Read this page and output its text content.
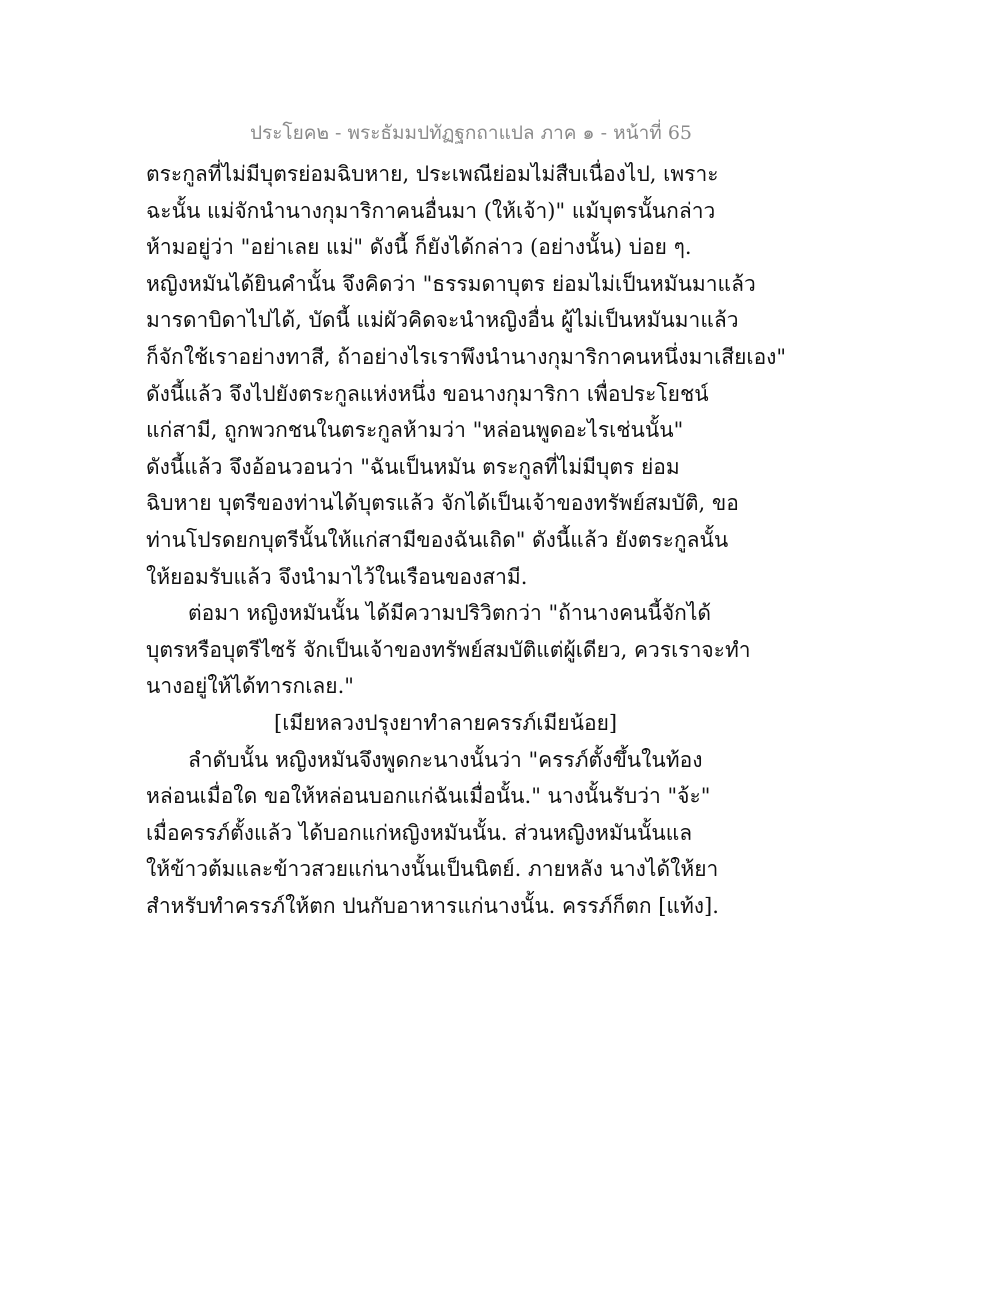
ประโยค๒ - พระธัมมปทัฏฐกถาแปล ภาค ๑ - หน้าที่ 65
ตระกูลที่ไม่มีบุตรย่อมฉิบหาย, ประเพณีย่อมไม่สืบเนื่องไป, เพราะ
ฉะนั้น แม่จักนำนางกุมาริกาคนอื่นมา (ให้เจ้า)" แม้บุตรนั้นกล่าว
ห้ามอยู่ว่า "อย่าเลย แม่" ดังนี้ ก็ยังได้กล่าว (อย่างนั้น) บ่อย ๆ.
หญิงหมันได้ยินคำนั้น จึงคิดว่า "ธรรมดาบุตร ย่อมไม่เป็นหมันมาแล้ว
มารดาบิดาไปได้, บัดนี้ แม่ผัวคิดจะนำหญิงอื่น ผู้ไม่เป็นหมันมาแล้ว
ก็จักใช้เราอย่างทาสี, ถ้าอย่างไรเราพึงนำนางกุมาริกาคนหนึ่งมาเสียเอง"
ดังนี้แล้ว จึงไปยังตระกูลแห่งหนึ่ง ขอนางกุมาริกา เพื่อประโยชน์
แก่สามี, ถูกพวกชนในตระกูลห้ามว่า "หล่อนพูดอะไรเช่นนั้น"
ดังนี้แล้ว จึงอ้อนวอนว่า "ฉันเป็นหมัน ตระกูลที่ไม่มีบุตร ย่อม
ฉิบหาย บุตรีของท่านได้บุตรแล้ว จักได้เป็นเจ้าของทรัพย์สมบัติ, ขอ
ท่านโปรดยกบุตรีนั้นให้แก่สามีของฉันเถิด" ดังนี้แล้ว ยังตระกูลนั้น
ให้ยอมรับแล้ว จึงนำมาไว้ในเรือนของสามี.
ต่อมา หญิงหมันนั้น ได้มีความปริวิตกว่า "ถ้านางคนนี้จักได้
บุตรหรือบุตรีไซร้ จักเป็นเจ้าของทรัพย์สมบัติแต่ผู้เดียว, ควรเราจะทำ
นางอยู่ให้ได้ทารกเลย."
[เมียหลวงปรุงยาทำลายครรภ์เมียน้อย]
ลำดับนั้น หญิงหมันจึงพูดกะนางนั้นว่า "ครรภ์ตั้งขึ้นในท้อง
หล่อนเมื่อใด ขอให้หล่อนบอกแก่ฉันเมื่อนั้น." นางนั้นรับว่า "จ้ะ"
เมื่อครรภ์ตั้งแล้ว ได้บอกแก่หญิงหมันนั้น. ส่วนหญิงหมันนั้นแล
ให้ข้าวต้มและข้าวสวยแก่นางนั้นเป็นนิตย์. ภายหลัง นางได้ให้ยา
สำหรับทำครรภ์ให้ตก ปนกับอาหารแก่นางนั้น. ครรภ์ก็ตก [แท้ง].
